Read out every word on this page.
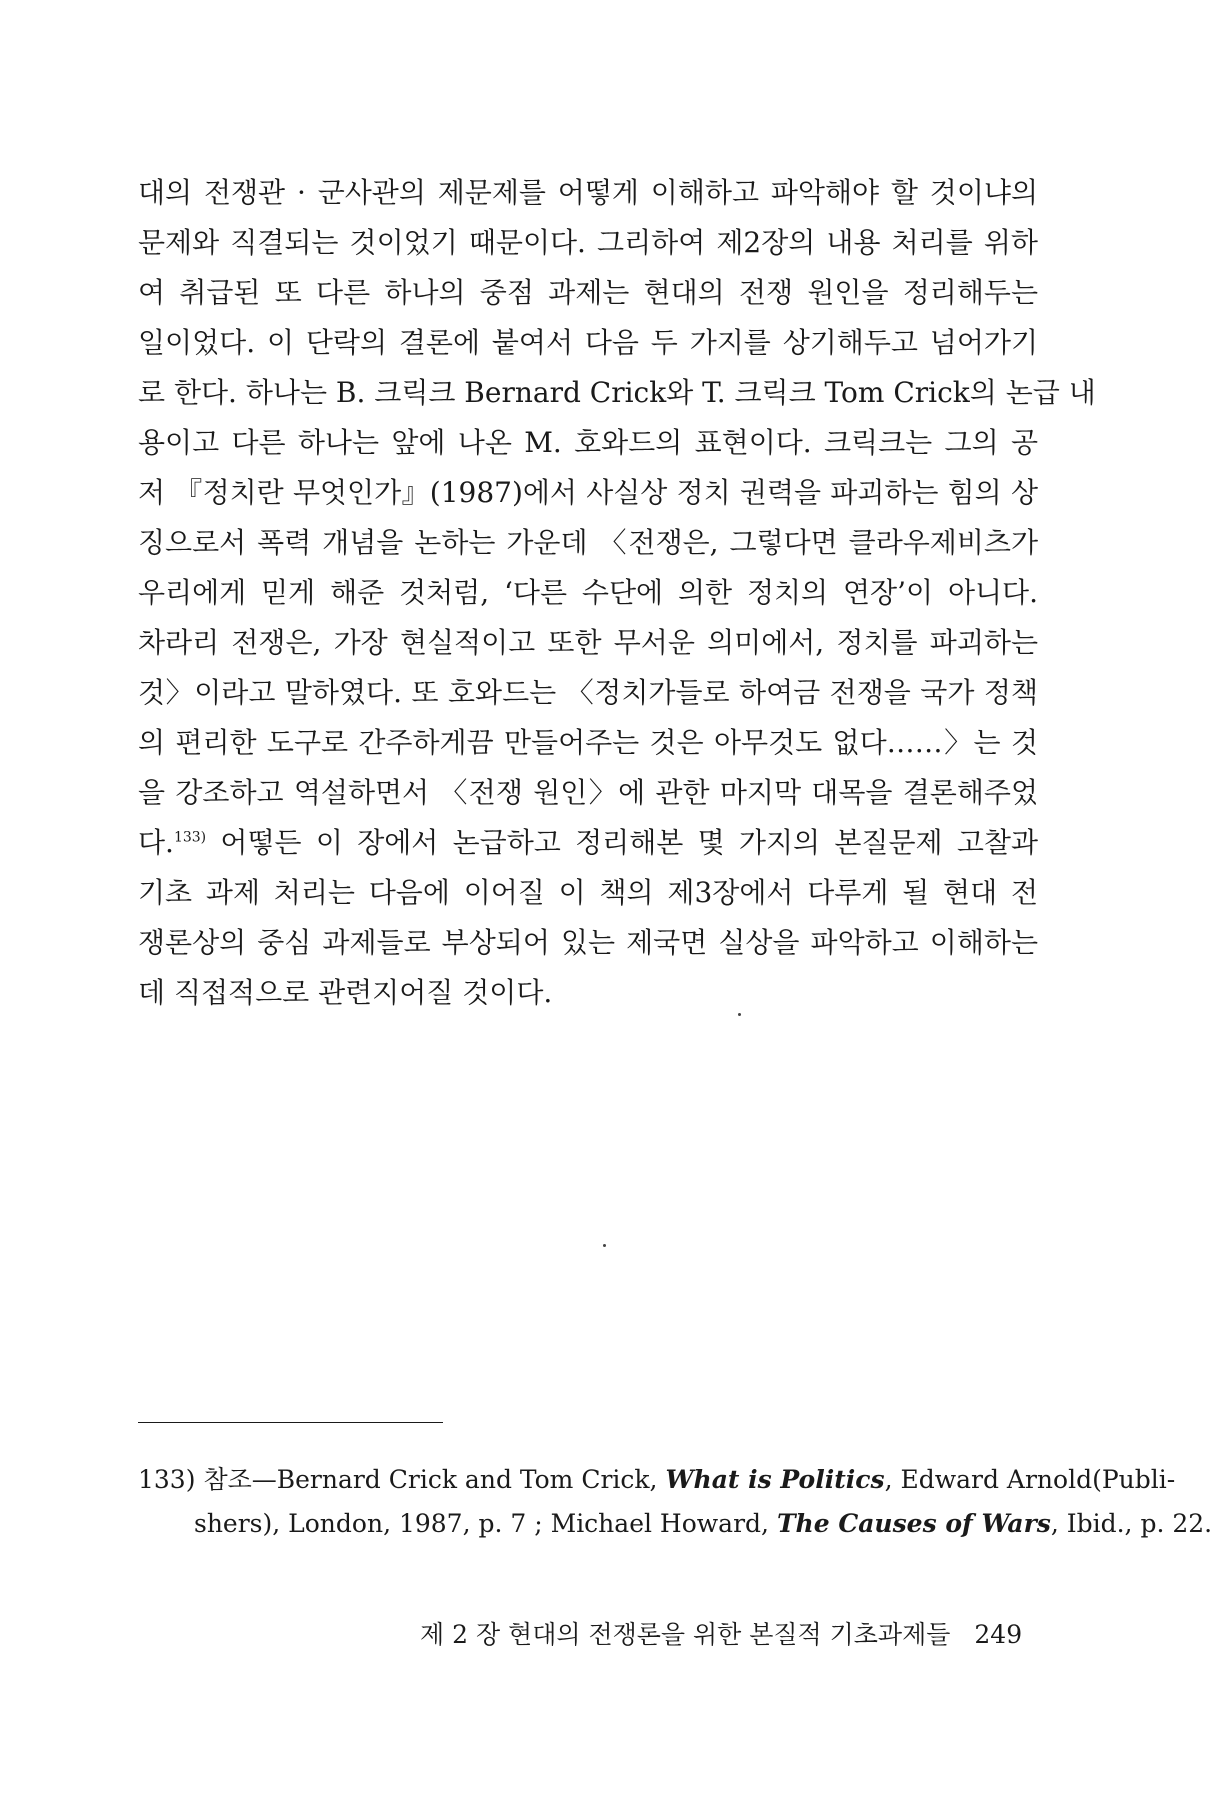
대의 전쟁관 · 군사관의 제문제를 어떻게 이해하고 파악해야 할 것이냐의
문제와 직결되는 것이었기 때문이다. 그리하여 제2장의 내용 처리를 위하
여 취급된 또 다른 하나의 중점 과제는 현대의 전쟁 원인을 정리해두는
일이었다. 이 단락의 결론에 붙여서 다음 두 가지를 상기해두고 넘어가기
로 한다. 하나는 B. 크릭크 Bernard Crick와 T. 크릭크 Tom Crick의 논급 내
용이고 다른 하나는 앞에 나온 M. 호와드의 표현이다. 크릭크는 그의 공
저 『정치란 무엇인가』(1987)에서 사실상 정치 권력을 파괴하는 힘의 상
징으로서 폭력 개념을 논하는 가운데 〈전쟁은, 그렇다면 클라우제비츠가
우리에게 믿게 해준 것처럼, ‘다른 수단에 의한 정치의 연장’이 아니다.
차라리 전쟁은, 가장 현실적이고 또한 무서운 의미에서, 정치를 파괴하는
것〉이라고 말하였다. 또 호와드는 〈정치가들로 하여금 전쟁을 국가 정책
의 편리한 도구로 간주하게끔 만들어주는 것은 아무것도 없다……〉는 것
을 강조하고 역설하면서 〈전쟁 원인〉에 관한 마지막 대목을 결론해주었
다.$^{133)}$ 어떻든 이 장에서 논급하고 정리해본 몇 가지의 본질문제 고찰과
기초 과제 처리는 다음에 이어질 이 책의 제3장에서 다루게 될 현대 전
쟁론상의 중심 과제들로 부상되어 있는 제국면 실상을 파악하고 이해하는
데 직접적으로 관련지어질 것이다.
133) 참조—Bernard Crick and Tom Crick, What is Politics, Edward Arnold(Publi-
shers), London, 1987, p. 7 ; Michael Howard, The Causes of Wars, Ibid., p. 22.
제 2 장 현대의 전쟁론을 위한 본질적 기초과제들 249
